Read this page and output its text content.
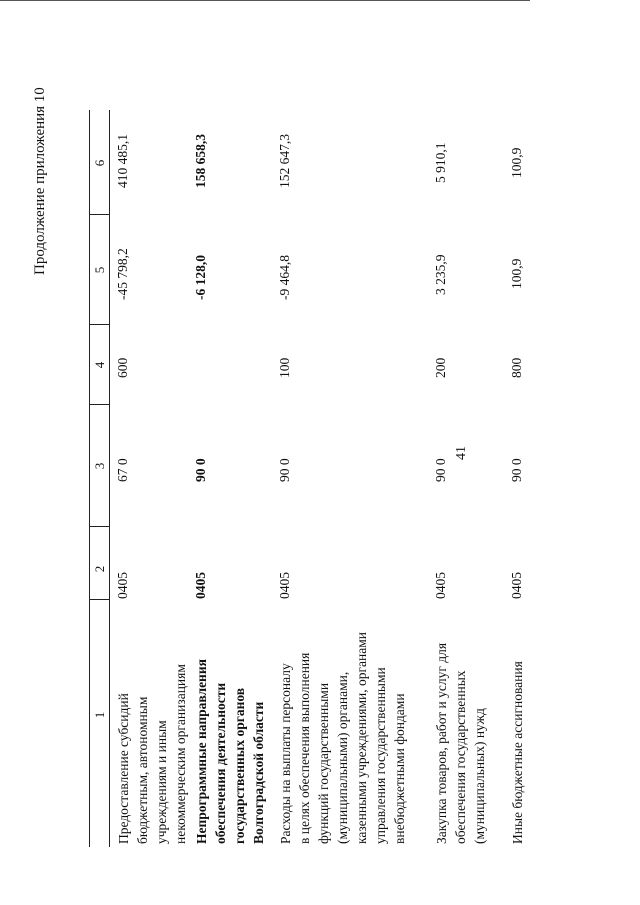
41
Продолжение приложения 10
1
2
3
4
5
6
Предоставление субсидий бюджетным, автономным учреждениям и иным некоммерческим организациям
0405
67 0
600
-45 798,2
410 485,1
Непрограммные направления обеспечения деятельности государственных органов Волгоградской области
0405
90 0
-6 128,0
158 658,3
Расходы на выплаты персоналу в целях обеспечения выполнения функций государственными (муниципальными) органами, казенными учреждениями, органами управления государственными внебюджетными фондами
0405
90 0
100
-9 464,8
152 647,3
Закупка товаров, работ и услуг для обеспечения государственных (муниципальных) нужд
0405
90 0
200
3 235,9
5 910,1
Иные бюджетные ассигнования
0405
90 0
800
100,9
100,9
